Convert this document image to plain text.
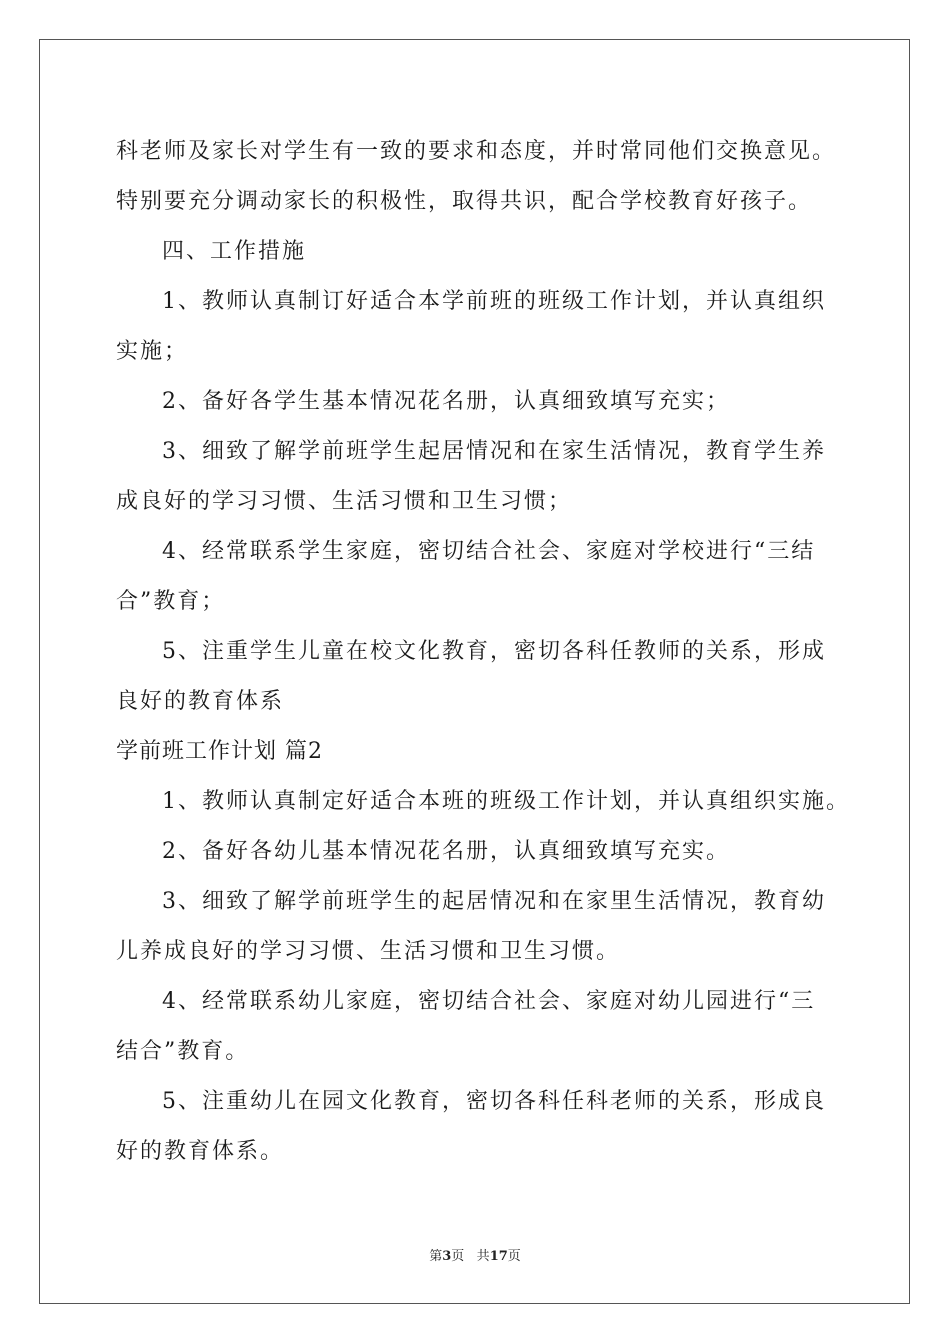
科老师及家长对学生有一致的要求和态度，并时常同他们交换意见。
特别要充分调动家长的积极性，取得共识，配合学校教育好孩子。
四、工作措施
1、教师认真制订好适合本学前班的班级工作计划，并认真组织
实施；
2、备好各学生基本情况花名册，认真细致填写充实；
3、细致了解学前班学生起居情况和在家生活情况，教育学生养
成良好的学习习惯、生活习惯和卫生习惯；
4、经常联系学生家庭，密切结合社会、家庭对学校进行“三结
合”教育；
5、注重学生儿童在校文化教育，密切各科任教师的关系，形成
良好的教育体系
学前班工作计划 篇2
1、教师认真制定好适合本班的班级工作计划，并认真组织实施。
2、备好各幼儿基本情况花名册，认真细致填写充实。
3、细致了解学前班学生的起居情况和在家里生活情况，教育幼
儿养成良好的学习习惯、生活习惯和卫生习惯。
4、经常联系幼儿家庭，密切结合社会、家庭对幼儿园进行“三
结合”教育。
5、注重幼儿在园文化教育，密切各科任科老师的关系，形成良
好的教育体系。
第3页 共17页
